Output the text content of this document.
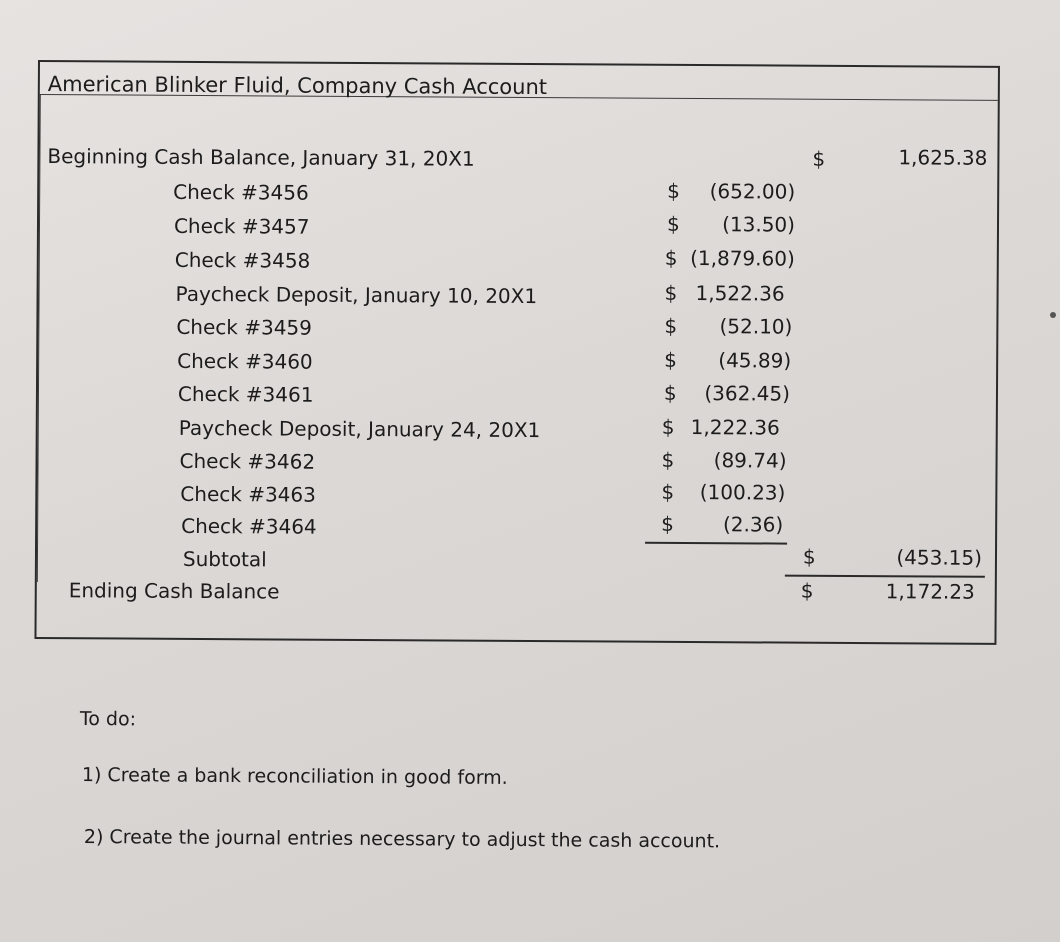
American Blinker Fluid, Company Cash Account
Beginning Cash Balance, January 31, 20X1	$	1,625.38
Check #3456	$	(652.00)
Check #3457	$	(13.50)
Check #3458	$ (1,879.60)
Paycheck Deposit, January 10, 20X1	$ 1,522.36
Check #3459	$	(52.10)
Check #3460	$	(45.89)
Check #3461	$	(362.45)
Paycheck Deposit, January 24, 20X1	$ 1,222.36
Check #3462	$	(89.74)
Check #3463	$	(100.23)
Check #3464	$	(2.36)
Subtotal	$	(453.15)
Ending Cash Balance	$	1,172.23
To do:
1) Create a bank reconciliation in good form.
2) Create the journal entries necessary to adjust the cash account.
